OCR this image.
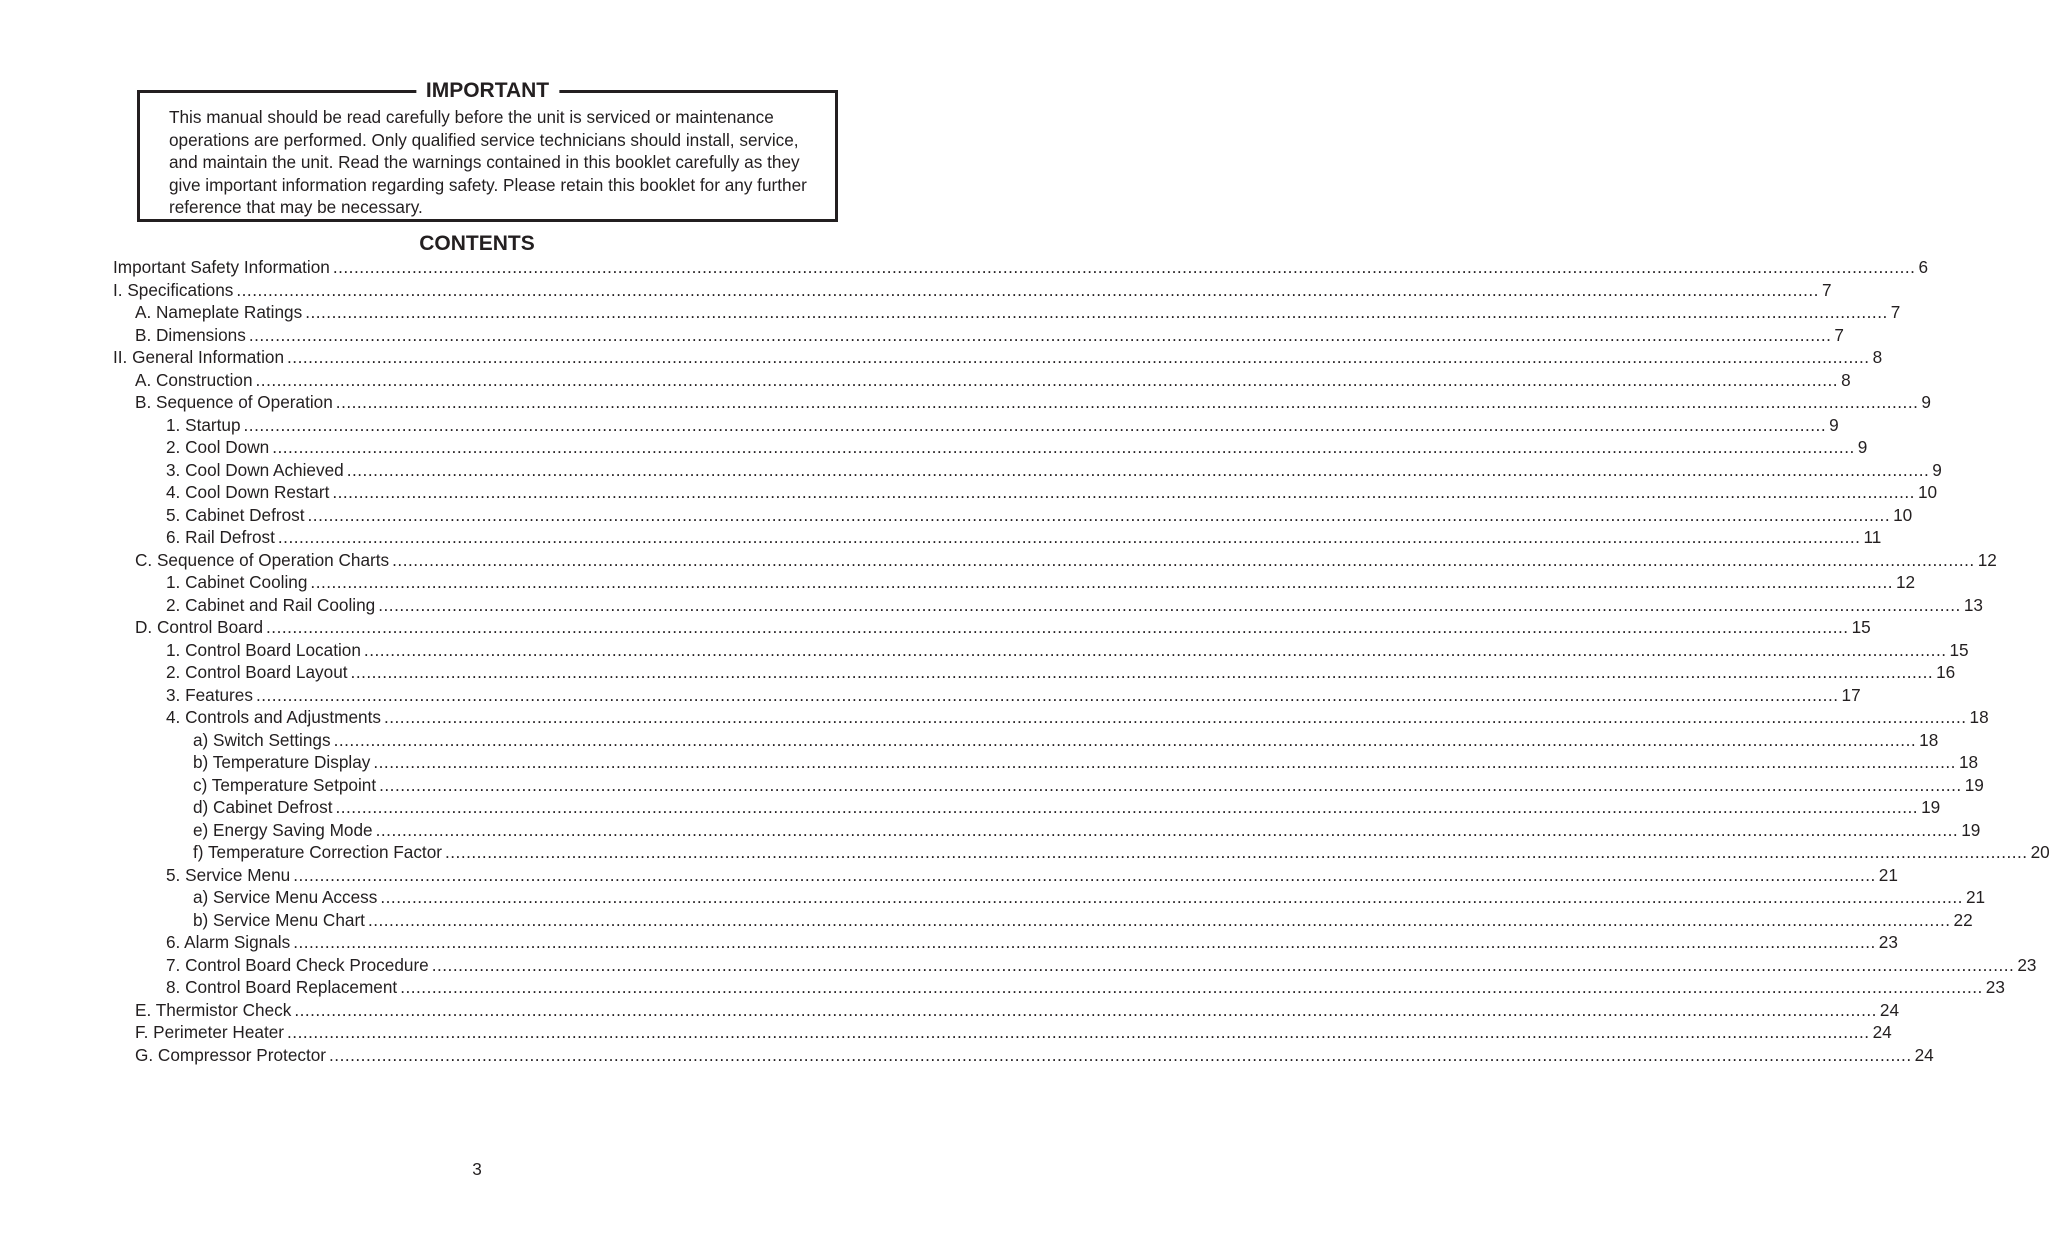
IMPORTANT

This manual should be read carefully before the unit is serviced or maintenance operations are performed. Only qualified service technicians should install, service, and maintain the unit. Read the warnings contained in this booklet carefully as they give important information regarding safety. Please retain this booklet for any further reference that may be necessary.

CONTENTS
Important Safety Information ............................................................................................................................................................................................................................................................................................................ 6
I. Specifications ............................................................................................................................................................................................................................................................................................................ 7
A. Nameplate Ratings ............................................................................................................................................................................................................................................................................................................ 7
B. Dimensions ............................................................................................................................................................................................................................................................................................................ 7
II. General Information ............................................................................................................................................................................................................................................................................................................ 8
A. Construction ............................................................................................................................................................................................................................................................................................................ 8
B. Sequence of Operation ............................................................................................................................................................................................................................................................................................................ 9
1. Startup ............................................................................................................................................................................................................................................................................................................ 9
2. Cool Down ............................................................................................................................................................................................................................................................................................................ 9
3. Cool Down Achieved ............................................................................................................................................................................................................................................................................................................ 9
4. Cool Down Restart ............................................................................................................................................................................................................................................................................................................ 10
5. Cabinet Defrost ............................................................................................................................................................................................................................................................................................................ 10
6. Rail Defrost ............................................................................................................................................................................................................................................................................................................ 11
C. Sequence of Operation Charts ............................................................................................................................................................................................................................................................................................................ 12
1. Cabinet Cooling ............................................................................................................................................................................................................................................................................................................ 12
2. Cabinet and Rail Cooling ............................................................................................................................................................................................................................................................................................................ 13
D. Control Board ............................................................................................................................................................................................................................................................................................................ 15
1. Control Board Location ............................................................................................................................................................................................................................................................................................................ 15
2. Control Board Layout ............................................................................................................................................................................................................................................................................................................ 16
3. Features ............................................................................................................................................................................................................................................................................................................ 17
4. Controls and Adjustments ............................................................................................................................................................................................................................................................................................................ 18
a) Switch Settings ............................................................................................................................................................................................................................................................................................................ 18
b) Temperature Display ............................................................................................................................................................................................................................................................................................................ 18
c) Temperature Setpoint ............................................................................................................................................................................................................................................................................................................ 19
d) Cabinet Defrost ............................................................................................................................................................................................................................................................................................................ 19
e) Energy Saving Mode ............................................................................................................................................................................................................................................................................................................ 19
f) Temperature Correction Factor ............................................................................................................................................................................................................................................................................................................ 20
5. Service Menu ............................................................................................................................................................................................................................................................................................................ 21
a) Service Menu Access ............................................................................................................................................................................................................................................................................................................ 21
b) Service Menu Chart ............................................................................................................................................................................................................................................................................................................ 22
6. Alarm Signals ............................................................................................................................................................................................................................................................................................................ 23
7. Control Board Check Procedure ............................................................................................................................................................................................................................................................................................................ 23
8. Control Board Replacement ............................................................................................................................................................................................................................................................................................................ 23
E. Thermistor Check ............................................................................................................................................................................................................................................................................................................ 24
F. Perimeter Heater ............................................................................................................................................................................................................................................................................................................ 24
G. Compressor Protector ............................................................................................................................................................................................................................................................................................................ 24
3
